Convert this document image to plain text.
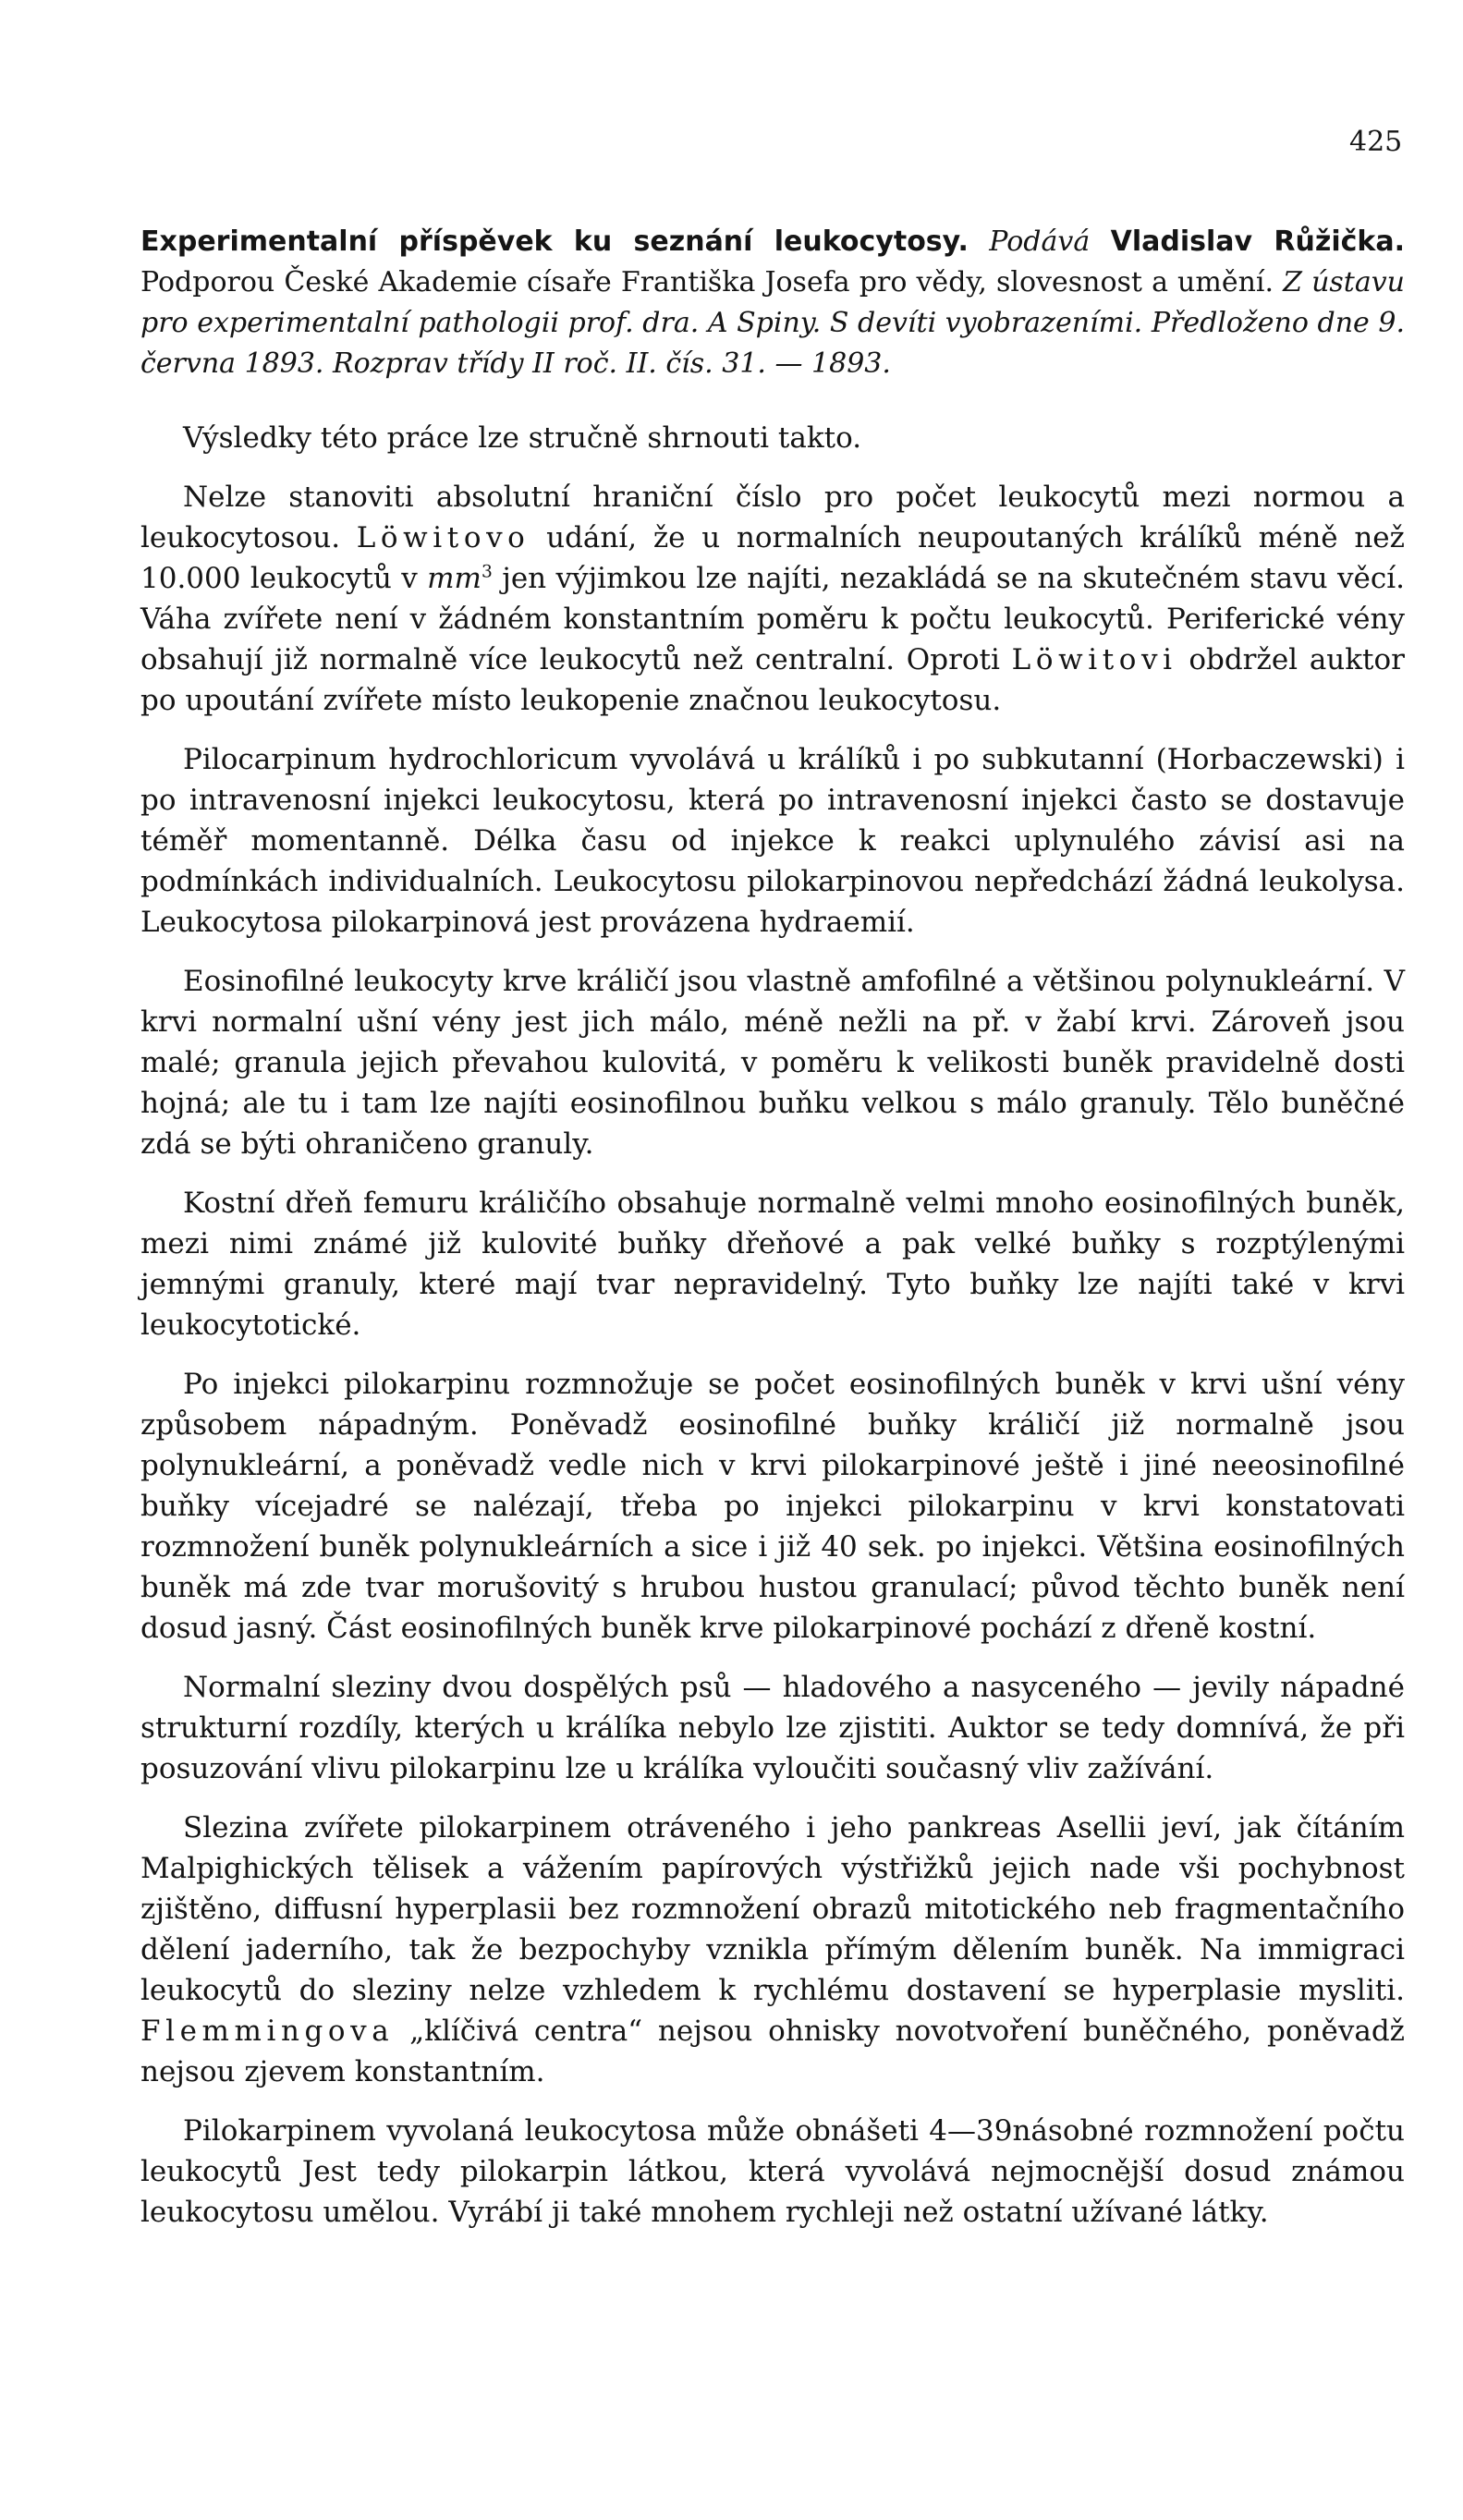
425

Experimentalní příspěvek ku seznání leukocytosy. Podává Vladislav Růžička. Podporou České Akademie císaře Františka Josefa pro vědy, slovesnost a umění. Z ústavu pro experimentalní pathologii prof. dra. A Spiny. S devíti vyobrazeními. Předloženo dne 9. června 1893. Rozprav třídy II roč. II. čís. 31. — 1893.

Výsledky této práce lze stručně shrnouti takto.

Nelze stanoviti absolutní hraniční číslo pro počet leukocytů mezi normou a leukocytosou. Löwitovo udání, že u normalních neupoutaných králíků méně než 10.000 leukocytů v $mm^3$ jen výjimkou lze najíti, nezakládá se na skutečném stavu věcí. Váha zvířete není v žádném konstantním poměru k počtu leukocytů. Periferické vény obsahují již normalně více leukocytů než centralní. Oproti Löwitovi obdržel auktor po upoutání zvířete místo leukopenie značnou leukocytosu.

Pilocarpinum hydrochloricum vyvolává u králíků i po subkutanní (Horbaczewski) i po intravenosní injekci leukocytosu, která po intravenosní injekci často se dostavuje téměř momentanně. Délka času od injekce k reakci uplynulého závisí asi na podmínkách individualních. Leukocytosu pilokarpinovou nepředchází žádná leukolysa. Leukocytosa pilokarpinová jest provázena hydraemií.

Eosinofilné leukocyty krve králičí jsou vlastně amfofilné a většinou polynukleární. V krvi normalní ušní vény jest jich málo, méně nežli na př. v žabí krvi. Zároveň jsou malé; granula jejich převahou kulovitá, v poměru k velikosti buněk pravidelně dosti hojná; ale tu i tam lze najíti eosinofilnou buňku velkou s málo granuly. Tělo buněčné zdá se býti ohraničeno granuly.

Kostní dřeň femuru králičího obsahuje normalně velmi mnoho eosinofilných buněk, mezi nimi známé již kulovité buňky dřeňové a pak velké buňky s rozptýlenými jemnými granuly, které mají tvar nepravidelný. Tyto buňky lze najíti také v krvi leukocytotické.

Po injekci pilokarpinu rozmnožuje se počet eosinofilných buněk v krvi ušní vény způsobem nápadným. Poněvadž eosinofilné buňky králičí již normalně jsou polynukleární, a poněvadž vedle nich v krvi pilokarpinové ještě i jiné neeosinofilné buňky vícejadré se nalézají, třeba po injekci pilokarpinu v krvi konstatovati rozmnožení buněk polynukleárních a sice i již 40 sek. po injekci. Většina eosinofilných buněk má zde tvar morušovitý s hrubou hustou granulací; původ těchto buněk není dosud jasný. Část eosinofilných buněk krve pilokarpinové pochází z dřeně kostní.

Normalní sleziny dvou dospělých psů — hladového a nasyceného — jevily nápadné strukturní rozdíly, kterých u králíka nebylo lze zjistiti. Auktor se tedy domnívá, že při posuzování vlivu pilokarpinu lze u králíka vyloučiti současný vliv zažívání.

Slezina zvířete pilokarpinem otráveného i jeho pankreas Asellii jeví, jak čítáním Malpighických tělisek a vážením papírových výstřižků jejich nade vši pochybnost zjištěno, diffusní hyperplasii bez rozmnožení obrazů mitotického neb fragmentačního dělení jaderního, tak že bezpochyby vznikla přímým dělením buněk. Na immigraci leukocytů do sleziny nelze vzhledem k rychlému dostavení se hyperplasie mysliti. Flemmingova „klíčivá centra“ nejsou ohnisky novotvoření buněčného, poněvadž nejsou zjevem konstantním.

Pilokarpinem vyvolaná leukocytosa může obnášeti 4—39násobné rozmnožení počtu leukocytů Jest tedy pilokarpin látkou, která vyvolává nejmocnější dosud známou leukocytosu umělou. Vyrábí ji také mnohem rychleji než ostatní užívané látky.
